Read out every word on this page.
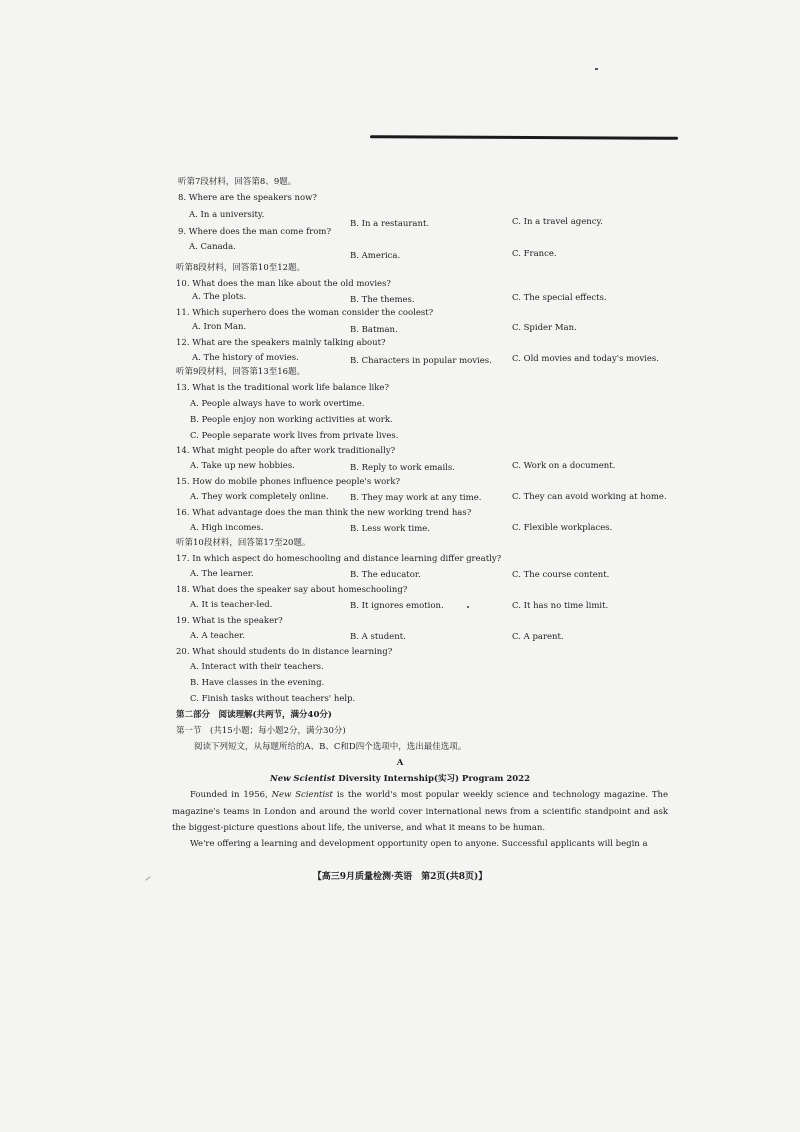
听第7段材料，回答第8、9题。
8. Where are the speakers now?
A. In a university.
B. In a restaurant.	C. In a travel agency.
9. Where does the man come from?
A. Canada.
B. America.	C. France.
听第8段材料，回答第10至12题。
10. What does the man like about the old movies?
A. The plots.	B. The themes.	C. The special effects.
11. Which superhero does the woman consider the coolest?
A. Iron Man.	B. Batman.	C. Spider Man.
12. What are the speakers mainly talking about?
A. The history of movies.	B. Characters in popular movies. C. Old movies and today's movies.
听第9段材料，回答第13至16题。
13. What is the traditional work life balance like?
A. People always have to work overtime.
B. People enjoy non working activities at work.
C. People separate work lives from private lives.
14. What might people do after work traditionally?
A. Take up new hobbies.	B. Reply to work emails.	C. Work on a document.
15. How do mobile phones influence people's work?
A. They work completely online.	B. They may work at any time.	C. They can avoid working at home.
16. What advantage does the man think the new working trend has?
A. High incomes.	B. Less work time.	C. Flexible workplaces.
听第10段材料，回答第17至20题。
17. In which aspect do homeschooling and distance learning differ greatly?
A. The learner.	B. The educator.	C. The course content.
18. What does the speaker say about homeschooling?
A. It is teacher-led.	B. It ignores emotion.	C. It has no time limit.
19. What is the speaker?
A. A teacher.	B. A student.	C. A parent.
20. What should students do in distance learning?
A. Interact with their teachers.
B. Have classes in the evening.
C. Finish tasks without teachers' help.
第二部分　阅读理解(共两节，满分40分)
第一节　(共15小题；每小题2分，满分30分)
阅读下列短文，从每题所给的A、B、C和D四个选项中，选出最佳选项。
A
New Scientist Diversity Internship(实习) Program 2022
Founded in 1956, New Scientist is the world's most popular weekly science and technology magazine. The magazine's teams in London and around the world cover international news from a scientific standpoint and ask the biggest-picture questions about life, the universe, and what it means to be human.
We're offering a learning and development opportunity open to anyone. Successful applicants will begin a
【高三9月质量检测·英语　第2页(共8页)】
